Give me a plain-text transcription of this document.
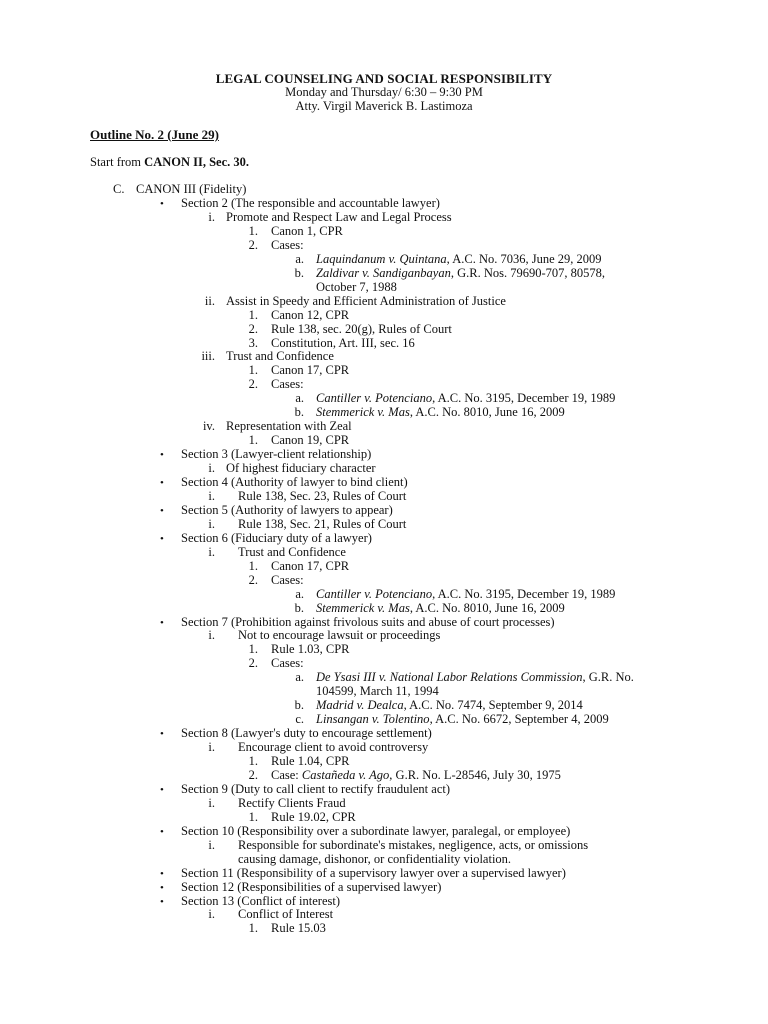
LEGAL COUNSELING AND SOCIAL RESPONSIBILITY
Monday and Thursday/ 6:30 – 9:30 PM
Atty. Virgil Maverick B. Lastimoza
Outline No. 2 (June 29)
Start from CANON II, Sec. 30.
C. CANON III (Fidelity)
• Section 2 (The responsible and accountable lawyer)
i. Promote and Respect Law and Legal Process
1. Canon 1, CPR
2. Cases:
a. Laquindanum v. Quintana, A.C. No. 7036, June 29, 2009
b. Zaldivar v. Sandiganbayan, G.R. Nos. 79690-707, 80578,
October 7, 1988
ii. Assist in Speedy and Efficient Administration of Justice
1. Canon 12, CPR
2. Rule 138, sec. 20(g), Rules of Court
3. Constitution, Art. III, sec. 16
iii. Trust and Confidence
1. Canon 17, CPR
2. Cases:
a. Cantiller v. Potenciano, A.C. No. 3195, December 19, 1989
b. Stemmerick v. Mas, A.C. No. 8010, June 16, 2009
iv. Representation with Zeal
1. Canon 19, CPR
• Section 3 (Lawyer-client relationship)
i. Of highest fiduciary character
• Section 4 (Authority of lawyer to bind client)
i. Rule 138, Sec. 23, Rules of Court
• Section 5 (Authority of lawyers to appear)
i. Rule 138, Sec. 21, Rules of Court
• Section 6 (Fiduciary duty of a lawyer)
i. Trust and Confidence
1. Canon 17, CPR
2. Cases:
a. Cantiller v. Potenciano, A.C. No. 3195, December 19, 1989
b. Stemmerick v. Mas, A.C. No. 8010, June 16, 2009
• Section 7 (Prohibition against frivolous suits and abuse of court processes)
i. Not to encourage lawsuit or proceedings
1. Rule 1.03, CPR
2. Cases:
a. De Ysasi III v. National Labor Relations Commission, G.R. No.
104599, March 11, 1994
b. Madrid v. Dealca, A.C. No. 7474, September 9, 2014
c. Linsangan v. Tolentino, A.C. No. 6672, September 4, 2009
• Section 8 (Lawyer's duty to encourage settlement)
i. Encourage client to avoid controversy
1. Rule 1.04, CPR
2. Case: Castañeda v. Ago, G.R. No. L-28546, July 30, 1975
• Section 9 (Duty to call client to rectify fraudulent act)
i. Rectify Clients Fraud
1. Rule 19.02, CPR
• Section 10 (Responsibility over a subordinate lawyer, paralegal, or employee)
i. Responsible for subordinate's mistakes, negligence, acts, or omissions
causing damage, dishonor, or confidentiality violation.
• Section 11 (Responsibility of a supervisory lawyer over a supervised lawyer)
• Section 12 (Responsibilities of a supervised lawyer)
• Section 13 (Conflict of interest)
i. Conflict of Interest
1. Rule 15.03
